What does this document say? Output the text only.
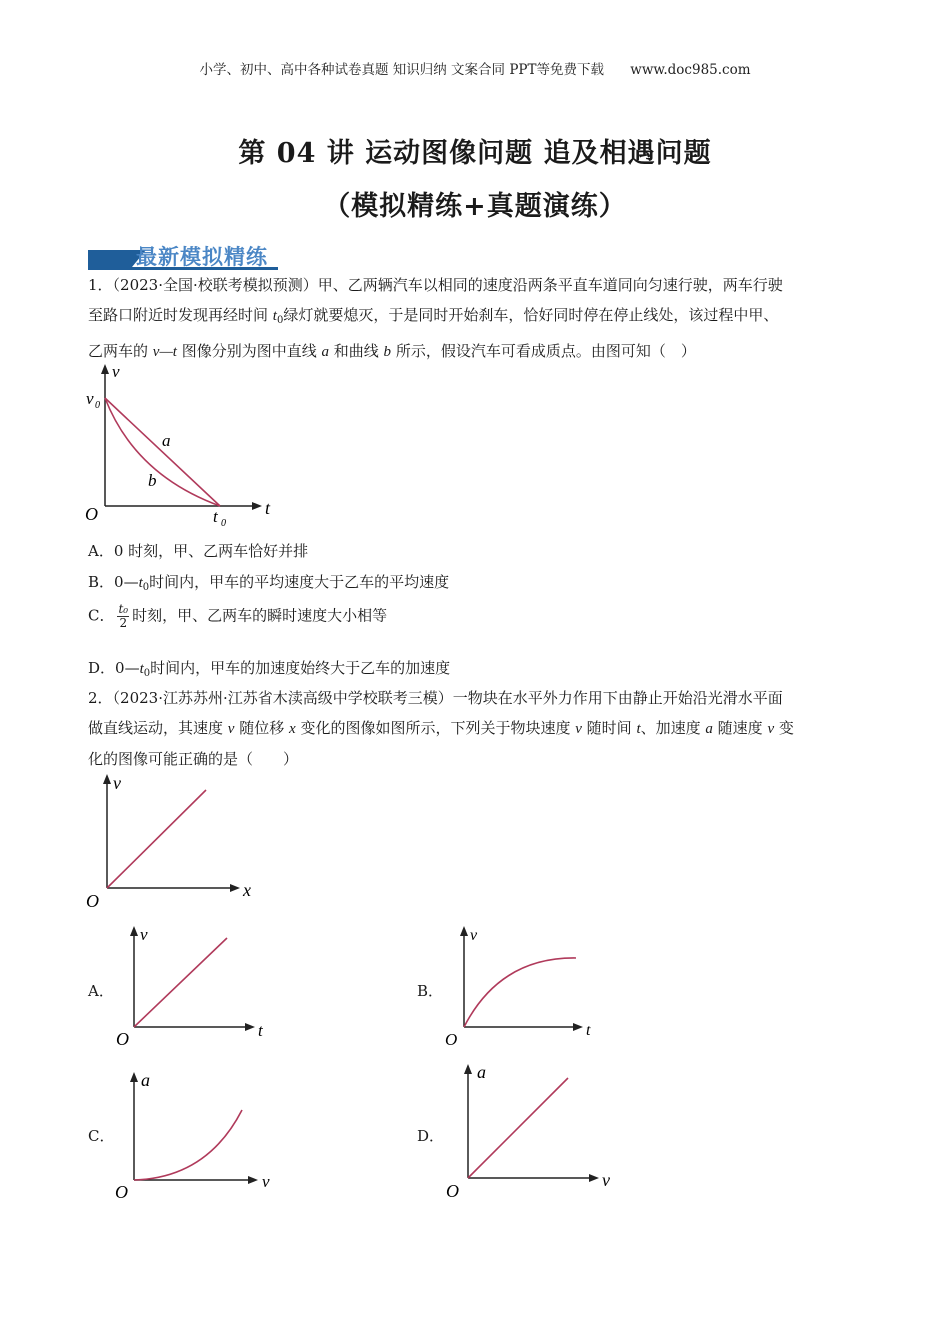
小学、初中、高中各种试卷真题 知识归纳 文案合同 PPT等免费下载 www.doc985.com
第 04 讲 运动图像问题 追及相遇问题
（模拟精练+真题演练）
最新模拟精练
1．（2023·全国·校联考模拟预测）甲、乙两辆汽车以相同的速度沿两条平直车道同向匀速行驶，两车行驶
至路口附近时发现再经时间 $t_0$绿灯就要熄灭，于是同时开始刹车，恰好同时停在停止线处，该过程中甲、
乙两车的 v—t 图像分别为图中直线 a 和曲线 b 所示，假设汽车可看成质点。由图可知（　）
v
v 0
O	t 0
t
a
b
A．0 时刻，甲、乙两车恰好并排
B．$0—t_0$时间内，甲车的平均速度大于乙车的平均速度
C． $\frac{\text{t₀}}{2}$ 时刻，甲、乙两车的瞬时速度大小相等
D．$0—t_0$时间内，甲车的加速度始终大于乙车的加速度
2．（2023·江苏苏州·江苏省木渎高级中学校联考三模）一物块在水平外力作用下由静止开始沿光滑水平面
做直线运动，其速度 v 随位移 x 变化的图像如图所示，下列关于物块速度 v 随时间 t、加速度 a 随速度 v 变
化的图像可能正确的是（　　）
v
x
O
A．
v
t
O
B．
v
t
O
C．
a
v
O
D．
a
v
O
